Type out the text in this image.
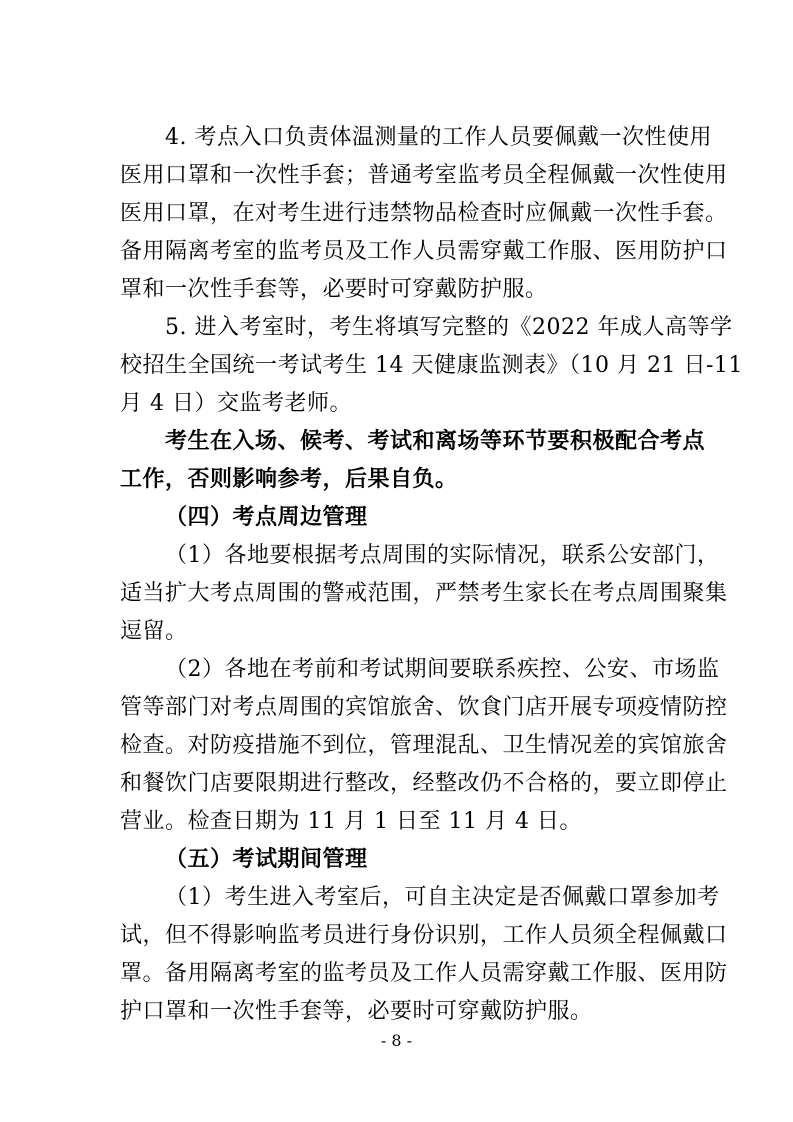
4. 考点入口负责体温测量的工作人员要佩戴一次性使用
医用口罩和一次性手套；普通考室监考员全程佩戴一次性使用
医用口罩，在对考生进行违禁物品检查时应佩戴一次性手套。
备用隔离考室的监考员及工作人员需穿戴工作服、医用防护口
罩和一次性手套等，必要时可穿戴防护服。
5. 进入考室时，考生将填写完整的《2022 年成人高等学
校招生全国统一考试考生 14 天健康监测表》（10 月 21 日-11
月 4 日）交监考老师。
考生在入场、候考、考试和离场等环节要积极配合考点
工作，否则影响参考，后果自负。
（四）考点周边管理
（1）各地要根据考点周围的实际情况，联系公安部门，
适当扩大考点周围的警戒范围，严禁考生家长在考点周围聚集
逗留。
（2）各地在考前和考试期间要联系疾控、公安、市场监
管等部门对考点周围的宾馆旅舍、饮食门店开展专项疫情防控
检查。对防疫措施不到位，管理混乱、卫生情况差的宾馆旅舍
和餐饮门店要限期进行整改，经整改仍不合格的，要立即停止
营业。检查日期为 11 月 1 日至 11 月 4 日。
（五）考试期间管理
（1）考生进入考室后，可自主决定是否佩戴口罩参加考
试，但不得影响监考员进行身份识别，工作人员须全程佩戴口
罩。备用隔离考室的监考员及工作人员需穿戴工作服、医用防
护口罩和一次性手套等，必要时可穿戴防护服。
- 8 -
